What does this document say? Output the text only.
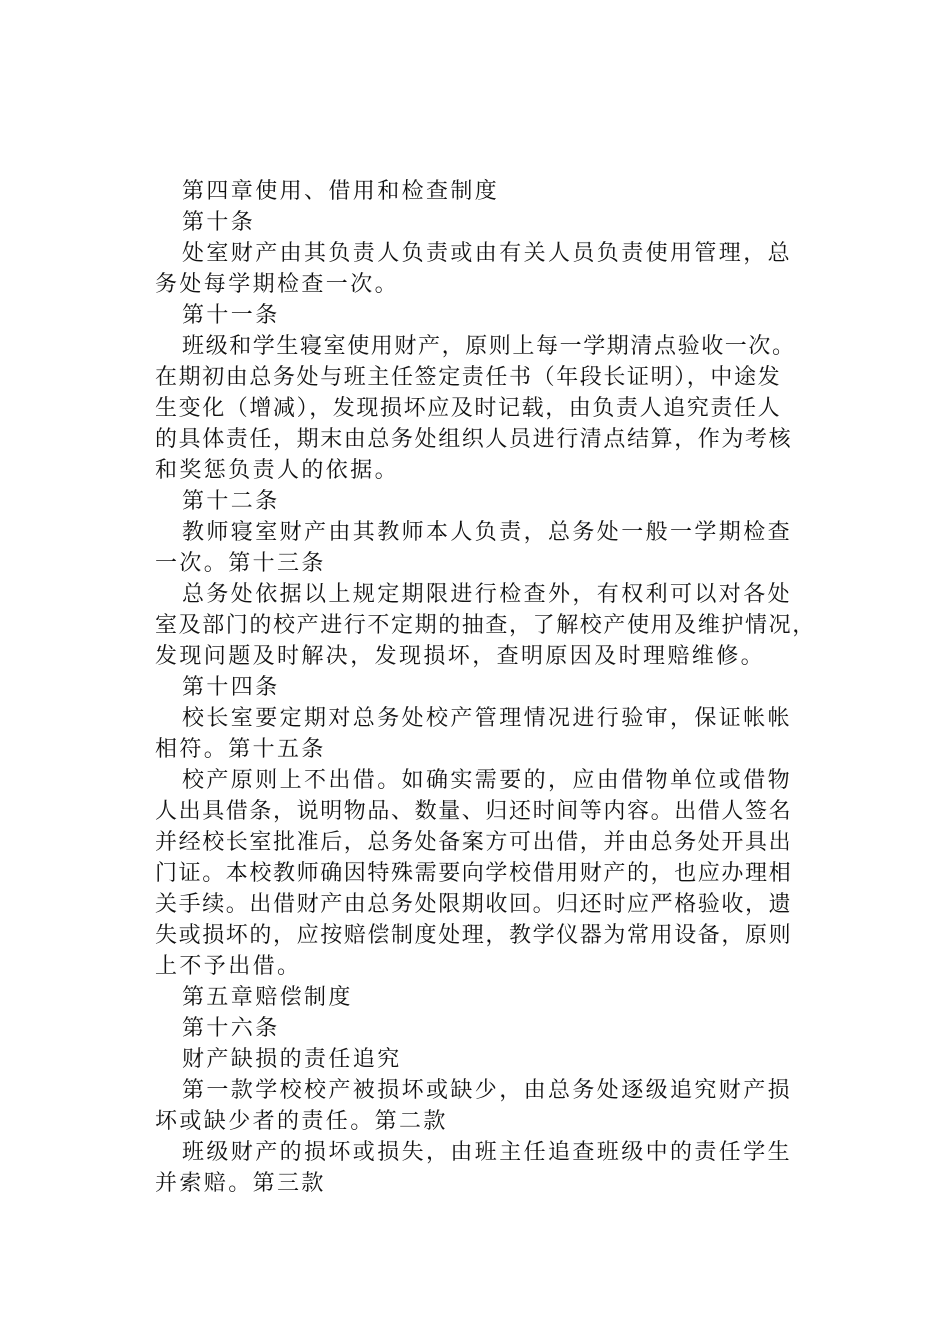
第四章使用、借用和检查制度
第十条
处室财产由其负责人负责或由有关人员负责使用管理，总
务处每学期检查一次。
第十一条
班级和学生寝室使用财产，原则上每一学期清点验收一次。
在期初由总务处与班主任签定责任书（年段长证明），中途发
生变化（增减），发现损坏应及时记载，由负责人追究责任人
的具体责任，期末由总务处组织人员进行清点结算，作为考核
和奖惩负责人的依据。
第十二条
教师寝室财产由其教师本人负责，总务处一般一学期检查
一次。第十三条
总务处依据以上规定期限进行检查外，有权利可以对各处
室及部门的校产进行不定期的抽查，了解校产使用及维护情况，
发现问题及时解决，发现损坏，查明原因及时理赔维修。
第十四条
校长室要定期对总务处校产管理情况进行验审，保证帐帐
相符。第十五条
校产原则上不出借。如确实需要的，应由借物单位或借物
人出具借条，说明物品、数量、归还时间等内容。出借人签名
并经校长室批准后，总务处备案方可出借，并由总务处开具出
门证。本校教师确因特殊需要向学校借用财产的，也应办理相
关手续。出借财产由总务处限期收回。归还时应严格验收，遗
失或损坏的，应按赔偿制度处理，教学仪器为常用设备，原则
上不予出借。
第五章赔偿制度
第十六条
财产缺损的责任追究
第一款学校校产被损坏或缺少，由总务处逐级追究财产损
坏或缺少者的责任。第二款
班级财产的损坏或损失，由班主任追查班级中的责任学生
并索赔。第三款
